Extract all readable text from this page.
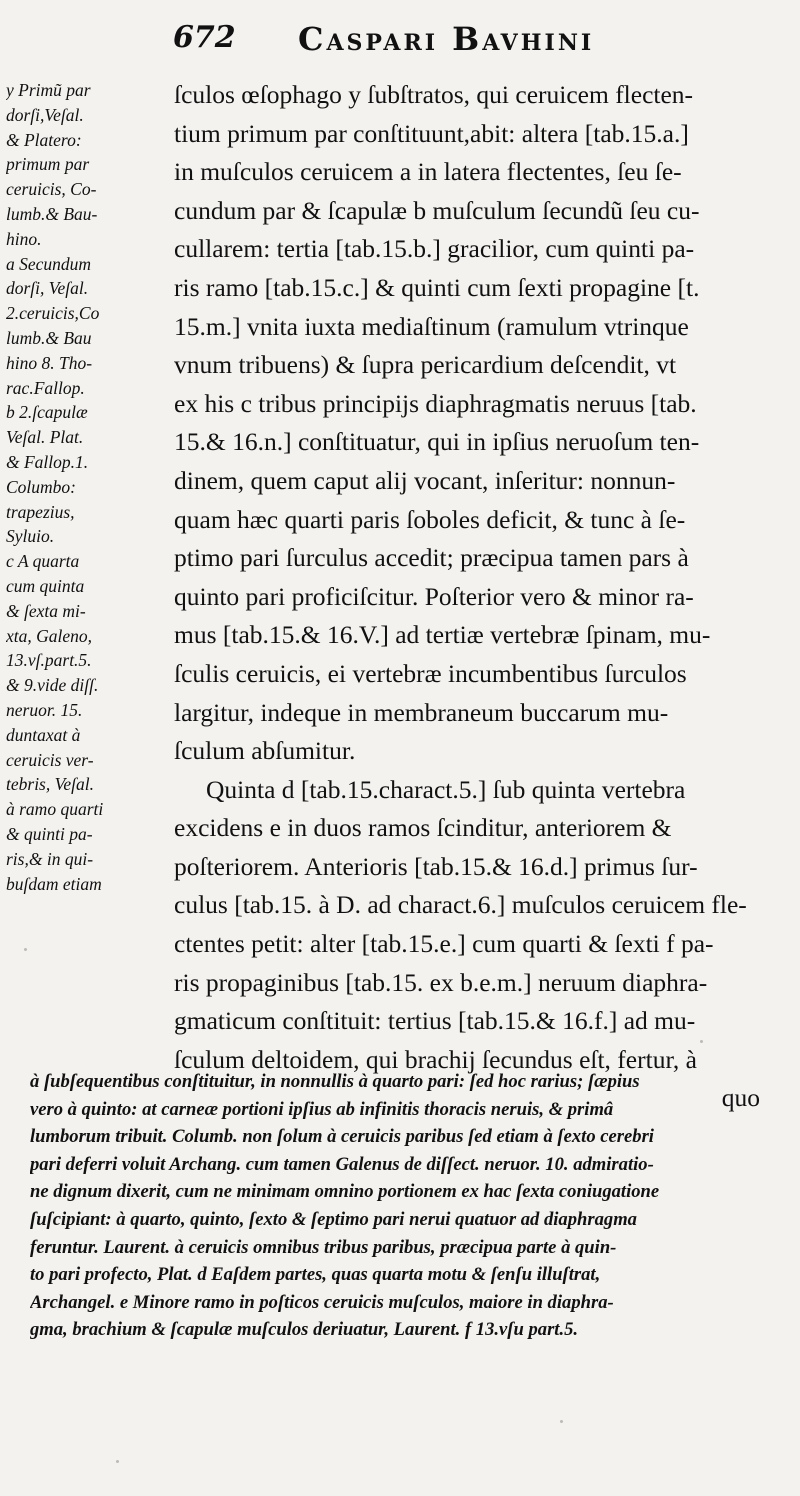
672 Caspari Bavhini
y Primũ par
dorſi,Veſal.
& Platero:
primum par
ceruicis, Co-
lumb.& Bau-
hino.
a Secundum
dorſi, Veſal.
2.ceruicis,Co
lumb.& Bau
hino 8. Tho-
rac.Fallop.
b 2.ſcapulæ
Veſal. Plat.
& Fallop.1.
Columbo:
trapezius,
Syluio.
c A quarta
cum quinta
& ſexta mi-
xta, Galeno,
13.vſ.part.5.
& 9.vide diſſ.
neruor. 15.
duntaxat à
ceruicis ver-
tebris, Veſal.
à ramo quarti
& quinti pa-
ris,& in qui-
buſdam etiam
ſculos œſophago y ſubſtratos, qui ceruicem flecten-
tium primum par conſtituunt,abit: altera [tab.15.a.]
in muſculos ceruicem a in latera flectentes, ſeu ſe-
cundum par & ſcapulæ b muſculum ſecundũ ſeu cu-
cullarem: tertia [tab.15.b.] gracilior, cum quinti pa-
ris ramo [tab.15.c.] & quinti cum ſexti propagine [t.
15.m.] vnita iuxta mediaſtinum (ramulum vtrinque
vnum tribuens) & ſupra pericardium deſcendit, vt
ex his c tribus principijs diaphragmatis neruus [tab.
15.& 16.n.] conſtituatur, qui in ipſius neruoſum ten-
dinem, quem caput alij vocant, inſeritur: nonnun-
quam hæc quarti paris ſoboles deficit, & tunc à ſe-
ptimo pari ſurculus accedit; præcipua tamen pars à
quinto pari proficiſcitur. Poſterior vero & minor ra-
mus [tab.15.& 16.V.] ad tertiæ vertebræ ſpinam, mu-
ſculis ceruicis, ei vertebræ incumbentibus ſurculos
largitur, indeque in membraneum buccarum mu-
ſculum abſumitur.
Quinta d [tab.15.charact.5.] ſub quinta vertebra
excidens e in duos ramos ſcinditur, anteriorem &
poſteriorem. Anterioris [tab.15.& 16.d.] primus ſur-
culus [tab.15. à D. ad charact.6.] muſculos ceruicem fle-
ctentes petit: alter [tab.15.e.] cum quarti & ſexti f pa-
ris propaginibus [tab.15. ex b.e.m.] neruum diaphra-
gmaticum conſtituit: tertius [tab.15.& 16.f.] ad mu-
ſculum deltoidem, qui brachij ſecundus eſt, fertur, à
quo
à ſubſequentibus conſtituitur, in nonnullis à quarto pari: ſed hoc rarius; ſæpius
vero à quinto: at carneæ portioni ipſius ab infinitis thoracis neruis, & primâ
lumborum tribuit. Columb. non ſolum à ceruicis paribus ſed etiam à ſexto cerebri
pari deferri voluit Archang. cum tamen Galenus de diſſect. neruor. 10. admiratio-
ne dignum dixerit, cum ne minimam omnino portionem ex hac ſexta coniugatione
ſuſcipiant: à quarto, quinto, ſexto & ſeptimo pari nerui quatuor ad diaphragma
feruntur. Laurent. à ceruicis omnibus tribus paribus, præcipua parte à quin-
to pari profecto, Plat. d Eaſdem partes, quas quarta motu & ſenſu illuſtrat,
Archangel. e Minore ramo in poſticos ceruicis muſculos, maiore in diaphra-
gma, brachium & ſcapulæ muſculos deriuatur, Laurent. f 13.vſu part.5.
